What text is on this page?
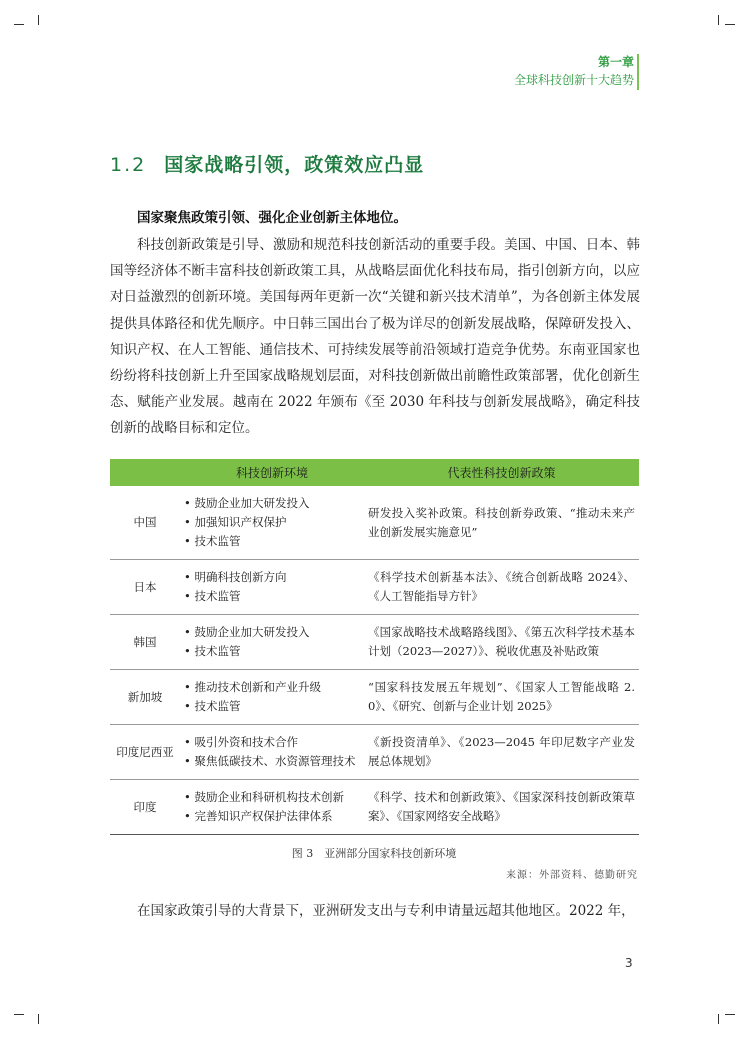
第一章
全球科技创新十大趋势
1.2 国家战略引领，政策效应凸显
国家聚焦政策引领、强化企业创新主体地位。
科技创新政策是引导、激励和规范科技创新活动的重要手段。美国、中国、日本、韩国等经济体不断丰富科技创新政策工具，从战略层面优化科技布局，指引创新方向，以应对日益激烈的创新环境。美国每两年更新一次“关键和新兴技术清单”，为各创新主体发展提供具体路径和优先顺序。中日韩三国出台了极为详尽的创新发展战略，保障研发投入、知识产权、在人工智能、通信技术、可持续发展等前沿领域打造竞争优势。东南亚国家也纷纷将科技创新上升至国家战略规划层面，对科技创新做出前瞻性政策部署，优化创新生态、赋能产业发展。越南在 2022 年颁布《至 2030 年科技与创新发展战略》，确定科技创新的战略目标和定位。
	科技创新环境	代表性科技创新政策
中国	• 鼓励企业加大研发投入
• 加强知识产权保护
• 技术监管	研发投入奖补政策。科技创新券政策、“推动未来产业创新发展实施意见”
日本	• 明确科技创新方向
• 技术监管	《科学技术创新基本法》、《统合创新战略 2024》、《人工智能指导方针》
韩国	• 鼓励企业加大研发投入
• 技术监管	《国家战略技术战略路线图》、《第五次科学技术基本计划（2023—2027）》、税收优惠及补贴政策
新加坡	• 推动技术创新和产业升级
• 技术监管	“国家科技发展五年规划”、《国家人工智能战略 2. 0》、《研究、创新与企业计划 2025》
印度尼西亚	• 吸引外资和技术合作
• 聚焦低碳技术、水资源管理技术	《新投资清单》、《2023—2045 年印尼数字产业发展总体规划》
印度	• 鼓励企业和科研机构技术创新
• 完善知识产权保护法律体系	《科学、技术和创新政策》、《国家深科技创新政策草案》、《国家网络安全战略》
图 3　亚洲部分国家科技创新环境
来源：外部资料、德勤研究
在国家政策引导的大背景下，亚洲研发支出与专利申请量远超其他地区。2022 年，
3
